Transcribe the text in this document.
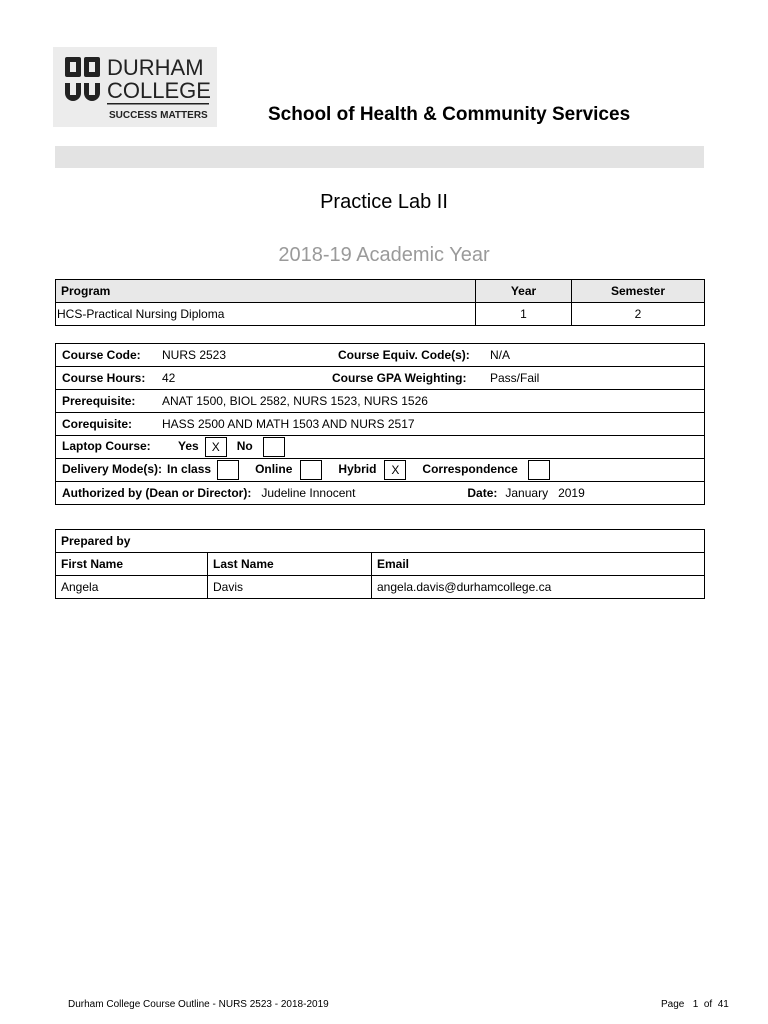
DURHAM
COLLEGE
SUCCESS MATTERS	School of Health & Community Services
Practice Lab II
2018-19 Academic Year
Program	Year	Semester
HCS-Practical Nursing Diploma	1	2
Course Code: NURS 2523	Course Equiv. Code(s): N/A
Course Hours: 42	Course GPA Weighting: Pass/Fail
Prerequisite: ANAT 1500, BIOL 2582, NURS 1523, NURS 1526
Corequisite: HASS 2500 AND MATH 1503 AND NURS 2517
Laptop Course: Yes X No
Delivery Mode(s): In class	Online	Hybrid X Correspondence
Authorized by (Dean or Director): Judeline Innocent	Date: January 2019
Prepared by		
First Name	Last Name	Email
Angela	Davis	angela.davis@durhamcollege.ca
Durham College Course Outline - NURS 2523 - 2018-2019	Page 1 of 41
